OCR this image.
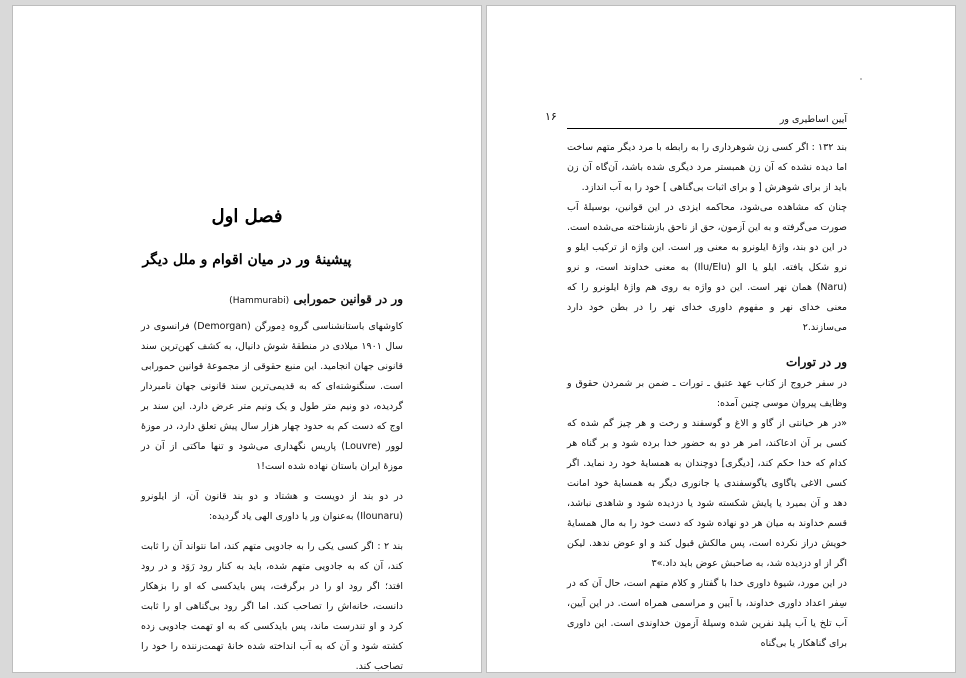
فصل اول
پیشینهٔ ور در میان اقوام و ملل دیگر
ور در قوانین حمورابی (Hammurabi)

کاوشهای باستانشناسی گروه دِمورگن (Demorgan) فرانسوی در سال ۱۹۰۱ میلادی در منطقهٔ شوش دانیال، به کشف کهن‌ترین سند قانونی جهان انجامید. این منبع حقوقی از مجموعهٔ قوانین حمورابی است. سنگنوشته‌ای که به قدیمی‌ترین سند قانونی جهان نامبردار گردیده، دو ونیم متر طول و یک ونیم متر عرض دارد. این سند بر اوج که دست کم به حدود چهار هزار سال پیش تعلق دارد، در موزهٔ لوور (Louvre) پاریس نگهداری می‌شود و تنها ماکتی از آن در موزهٔ ایران باستان نهاده شده است!۱

در دو بند از دویست و هشتاد و دو بند قانون آن، از ایلونرو (Ilounaru) به‌عنوان ور یا داوری الهی یاد گردیده:

بند ۲ : اگر کسی یکی را به جادویی متهم کند، اما نتواند آن را ثابت کند، آن که به جادویی متهم شده، باید به کنار رود رَوَد و در رود افتد؛ اگر رود او را در برگرفت، پس بایدکسی که او را بزهکار دانست، خانه‌اش را تصاحب کند. اما اگر رود بی‌گناهی او را ثابت کرد و او تندرست ماند، پس بایدکسی که به او تهمت جادویی زده کشته شود و آن که به آب انداخته شده خانهٔ تهمت‌زننده را خود را تصاحب کند.

۱۶	آیین اساطیری ور

بند ۱۳۲ : اگر کسی زن شوهرداری را به رابطه با مرد دیگر متهم ساخت اما دیده نشده که آن زن همبستر مرد دیگری شده باشد، آن‌گاه آن زن باید از برای شوهرش [ و برای اثبات بی‌گناهی ] خود را به آب اندازد.

چنان که مشاهده می‌شود، محاکمه ایزدی در این قوانین، بوسیلهٔ آب صورت می‌گرفته و به این آزمون، حق از ناحق بازشناخته می‌شده است. در این دو بند، واژهٔ ایلونرو به معنی ور است. این واژه از ترکیب ایلو و نرو شکل یافته. ایلو یا الو (Ilu/Elu) به معنی خداوند است، و نرو (Naru) همان نهر است. این دو واژه به روی هم واژهٔ ایلونرو را که معنی خدای نهر و مفهوم داوری خدای نهر را در بطن خود دارد می‌سازند.۲

ور در تورات

در سفر خروج از کتاب عهد عتیق ـ تورات ـ ضمن بر شمردن حقوق و وظایف پیروان موسی چنین آمده:

«در هر خیانتی از گاو و الاغ و گوسفند و رخت و هر چیز گم شده که کسی بر آن ادعاکند، امر هر دو به حضور خدا برده شود و بر گناه هر کدام که خدا حکم کند، [دیگری] دوچندان به همسایهٔ خود رد نماید. اگر کسی الاغی یاگاوی یاگوسفندی یا جانوری دیگر به همسایهٔ خود امانت دهد و آن بمیرد یا پایش شکسته شود یا دزدیده شود و شاهدی نباشد، قسم خداوند به میان هر دو نهاده شود که دست خود را به مال همسایهٔ خویش دراز نکرده است، پس مالکش قبول کند و او عوض ندهد. لیکن اگر از او دزدیده شد، به صاحبش عوض باید داد.»۳

در این مورد، شیوهٔ داوری خدا با گفتار و کلام متهم است، حال آن که در سِفر اعداد داوری خداوند، با آیین و مراسمی همراه است. در این آیین، آب تلخ یا آب پلید نفرین شده وسیلهٔ آزمون خداوندی است. این داوری برای گناهکار یا بی‌گناه
